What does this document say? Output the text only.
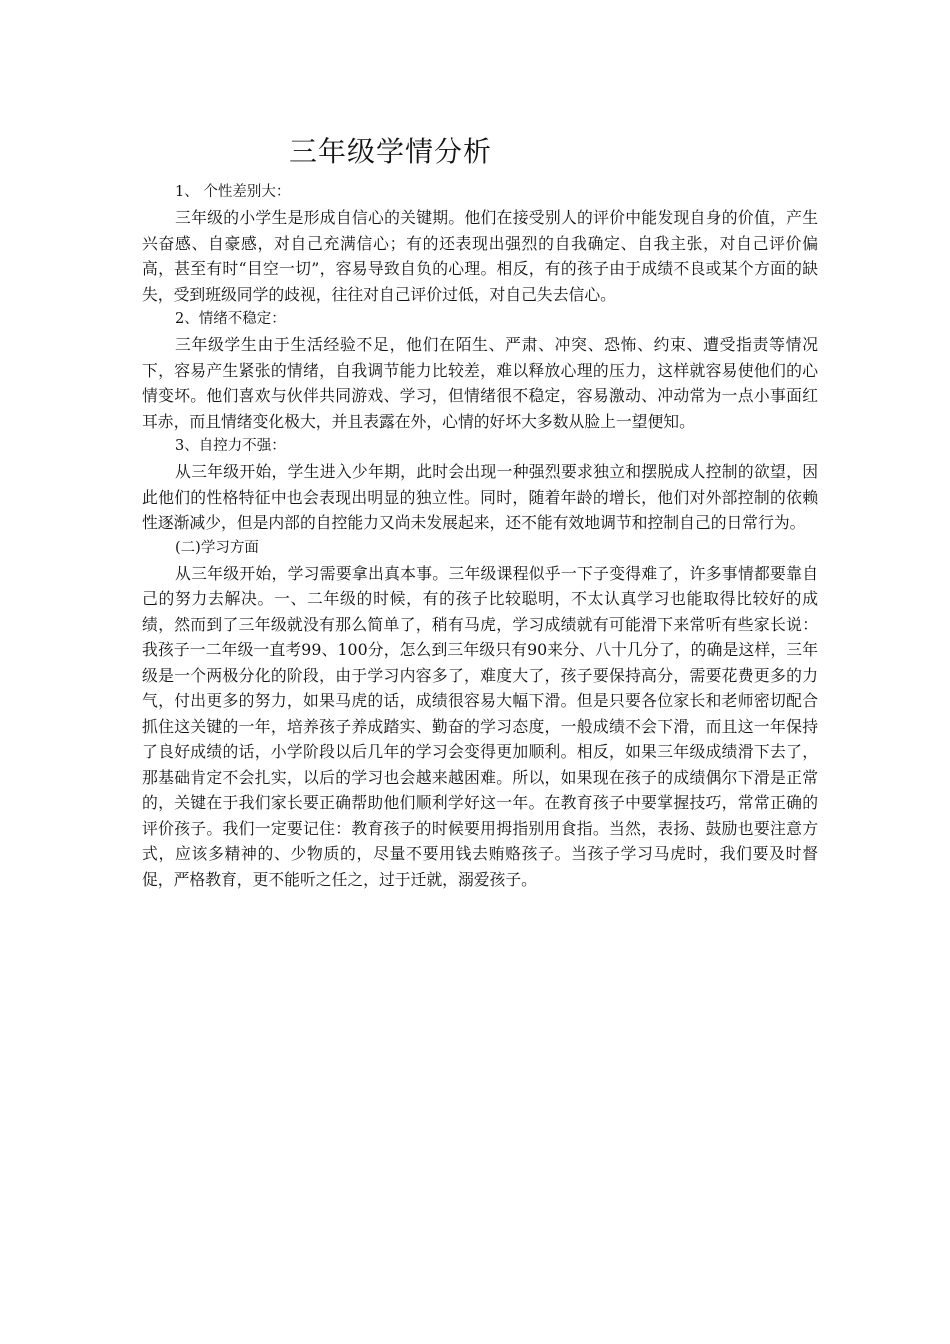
三年级学情分析

1、 个性差别大：

三年级的小学生是形成自信心的关键期。他们在接受别人的评价中能发现自身的价值，产生兴奋感、自豪感，对自己充满信心；有的还表现出强烈的自我确定、自我主张，对自己评价偏高，甚至有时“目空一切”，容易导致自负的心理。相反，有的孩子由于成绩不良或某个方面的缺失，受到班级同学的歧视，往往对自己评价过低，对自己失去信心。

2、情绪不稳定：

三年级学生由于生活经验不足，他们在陌生、严肃、冲突、恐怖、约束、遭受指责等情况下，容易产生紧张的情绪，自我调节能力比较差，难以释放心理的压力，这样就容易使他们的心情变坏。他们喜欢与伙伴共同游戏、学习，但情绪很不稳定，容易激动、冲动常为一点小事面红耳赤，而且情绪变化极大，并且表露在外，心情的好坏大多数从脸上一望便知。

3、自控力不强：

从三年级开始，学生进入少年期，此时会出现一种强烈要求独立和摆脱成人控制的欲望，因此他们的性格特征中也会表现出明显的独立性。同时，随着年龄的增长，他们对外部控制的依赖性逐渐减少，但是内部的自控能力又尚未发展起来，还不能有效地调节和控制自己的日常行为。

(二)学习方面

从三年级开始，学习需要拿出真本事。三年级课程似乎一下子变得难了，许多事情都要靠自己的努力去解决。一、二年级的时候，有的孩子比较聪明，不太认真学习也能取得比较好的成绩，然而到了三年级就没有那么简单了，稍有马虎，学习成绩就有可能滑下来常听有些家长说：我孩子一二年级一直考99、100分，怎么到三年级只有90来分、八十几分了，的确是这样，三年级是一个两极分化的阶段，由于学习内容多了，难度大了，孩子要保持高分，需要花费更多的力气，付出更多的努力，如果马虎的话，成绩很容易大幅下滑。但是只要各位家长和老师密切配合抓住这关键的一年，培养孩子养成踏实、勤奋的学习态度，一般成绩不会下滑，而且这一年保持了良好成绩的话，小学阶段以后几年的学习会变得更加顺利。相反，如果三年级成绩滑下去了，那基础肯定不会扎实，以后的学习也会越来越困难。所以，如果现在孩子的成绩偶尔下滑是正常的，关键在于我们家长要正确帮助他们顺利学好这一年。在教育孩子中要掌握技巧，常常正确的评价孩子。我们一定要记住：教育孩子的时候要用拇指别用食指。当然，表扬、鼓励也要注意方式，应该多精神的、少物质的，尽量不要用钱去贿赂孩子。当孩子学习马虎时，我们要及时督促，严格教育，更不能听之任之，过于迁就，溺爱孩子。
